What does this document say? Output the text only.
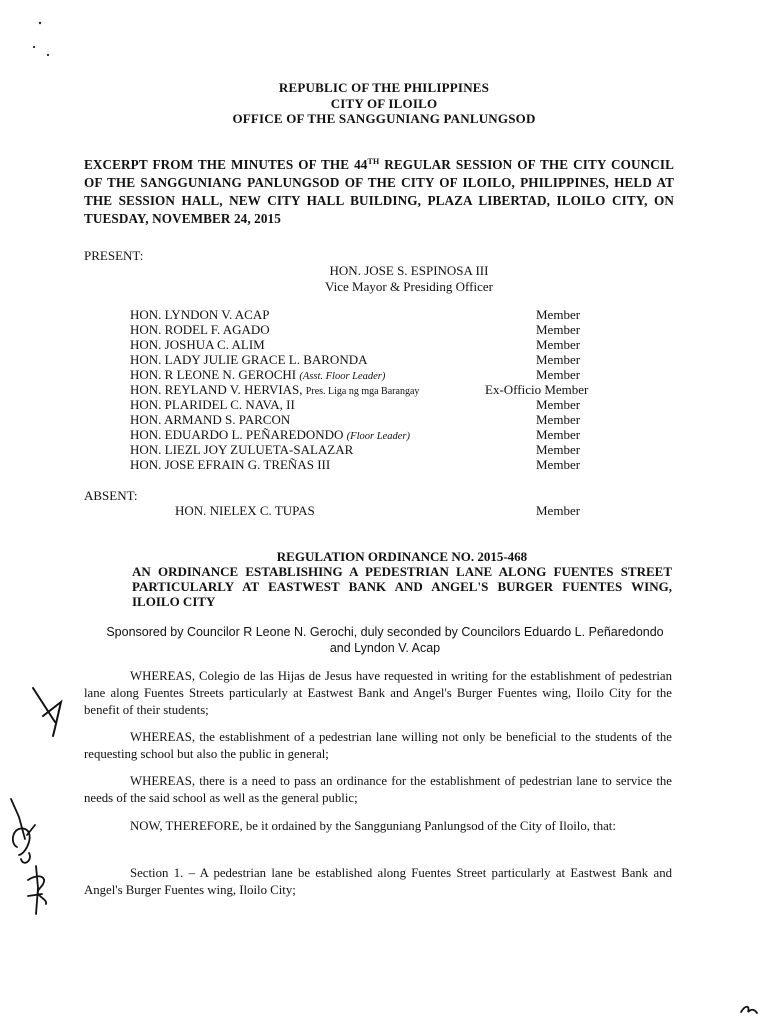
REPUBLIC OF THE PHILIPPINES
CITY OF ILOILO
OFFICE OF THE SANGGUNIANG PANLUNGSOD
EXCERPT FROM THE MINUTES OF THE 44TH REGULAR SESSION OF THE CITY COUNCIL OF THE SANGGUNIANG PANLUNGSOD OF THE CITY OF ILOILO, PHILIPPINES, HELD AT THE SESSION HALL, NEW CITY HALL BUILDING, PLAZA LIBERTAD, ILOILO CITY, ON TUESDAY, NOVEMBER 24, 2015
PRESENT:
HON. JOSE S. ESPINOSA III
Vice Mayor & Presiding Officer
HON. LYNDON V. ACAP	Member
HON. RODEL F. AGADO	Member
HON. JOSHUA C. ALIM	Member
HON. LADY JULIE GRACE L. BARONDA	Member
HON. R LEONE N. GEROCHI (Asst. Floor Leader)	Member
HON. REYLAND V. HERVIAS, Pres. Liga ng mga Barangay	Ex-Officio Member
HON. PLARIDEL C. NAVA, II	Member
HON. ARMAND S. PARCON	Member
HON. EDUARDO L. PEÑAREDONDO (Floor Leader)	Member
HON. LIEZL JOY ZULUETA-SALAZAR	Member
HON. JOSE EFRAIN G. TREÑAS III	Member
ABSENT:
HON. NIELEX C. TUPAS	Member
REGULATION ORDINANCE NO. 2015-468
AN ORDINANCE ESTABLISHING A PEDESTRIAN LANE ALONG FUENTES STREET PARTICULARLY AT EASTWEST BANK AND ANGEL'S BURGER FUENTES WING, ILOILO CITY
Sponsored by Councilor R Leone N. Gerochi, duly seconded by Councilors Eduardo L. Peñaredondo and Lyndon V. Acap
WHEREAS, Colegio de las Hijas de Jesus have requested in writing for the establishment of pedestrian lane along Fuentes Streets particularly at Eastwest Bank and Angel's Burger Fuentes wing, Iloilo City for the benefit of their students;
WHEREAS, the establishment of a pedestrian lane willing not only be beneficial to the students of the requesting school but also the public in general;
WHEREAS, there is a need to pass an ordinance for the establishment of pedestrian lane to service the needs of the said school as well as the general public;
NOW, THEREFORE, be it ordained by the Sangguniang Panlungsod of the City of Iloilo, that:
Section 1. – A pedestrian lane be established along Fuentes Street particularly at Eastwest Bank and Angel's Burger Fuentes wing, Iloilo City;
